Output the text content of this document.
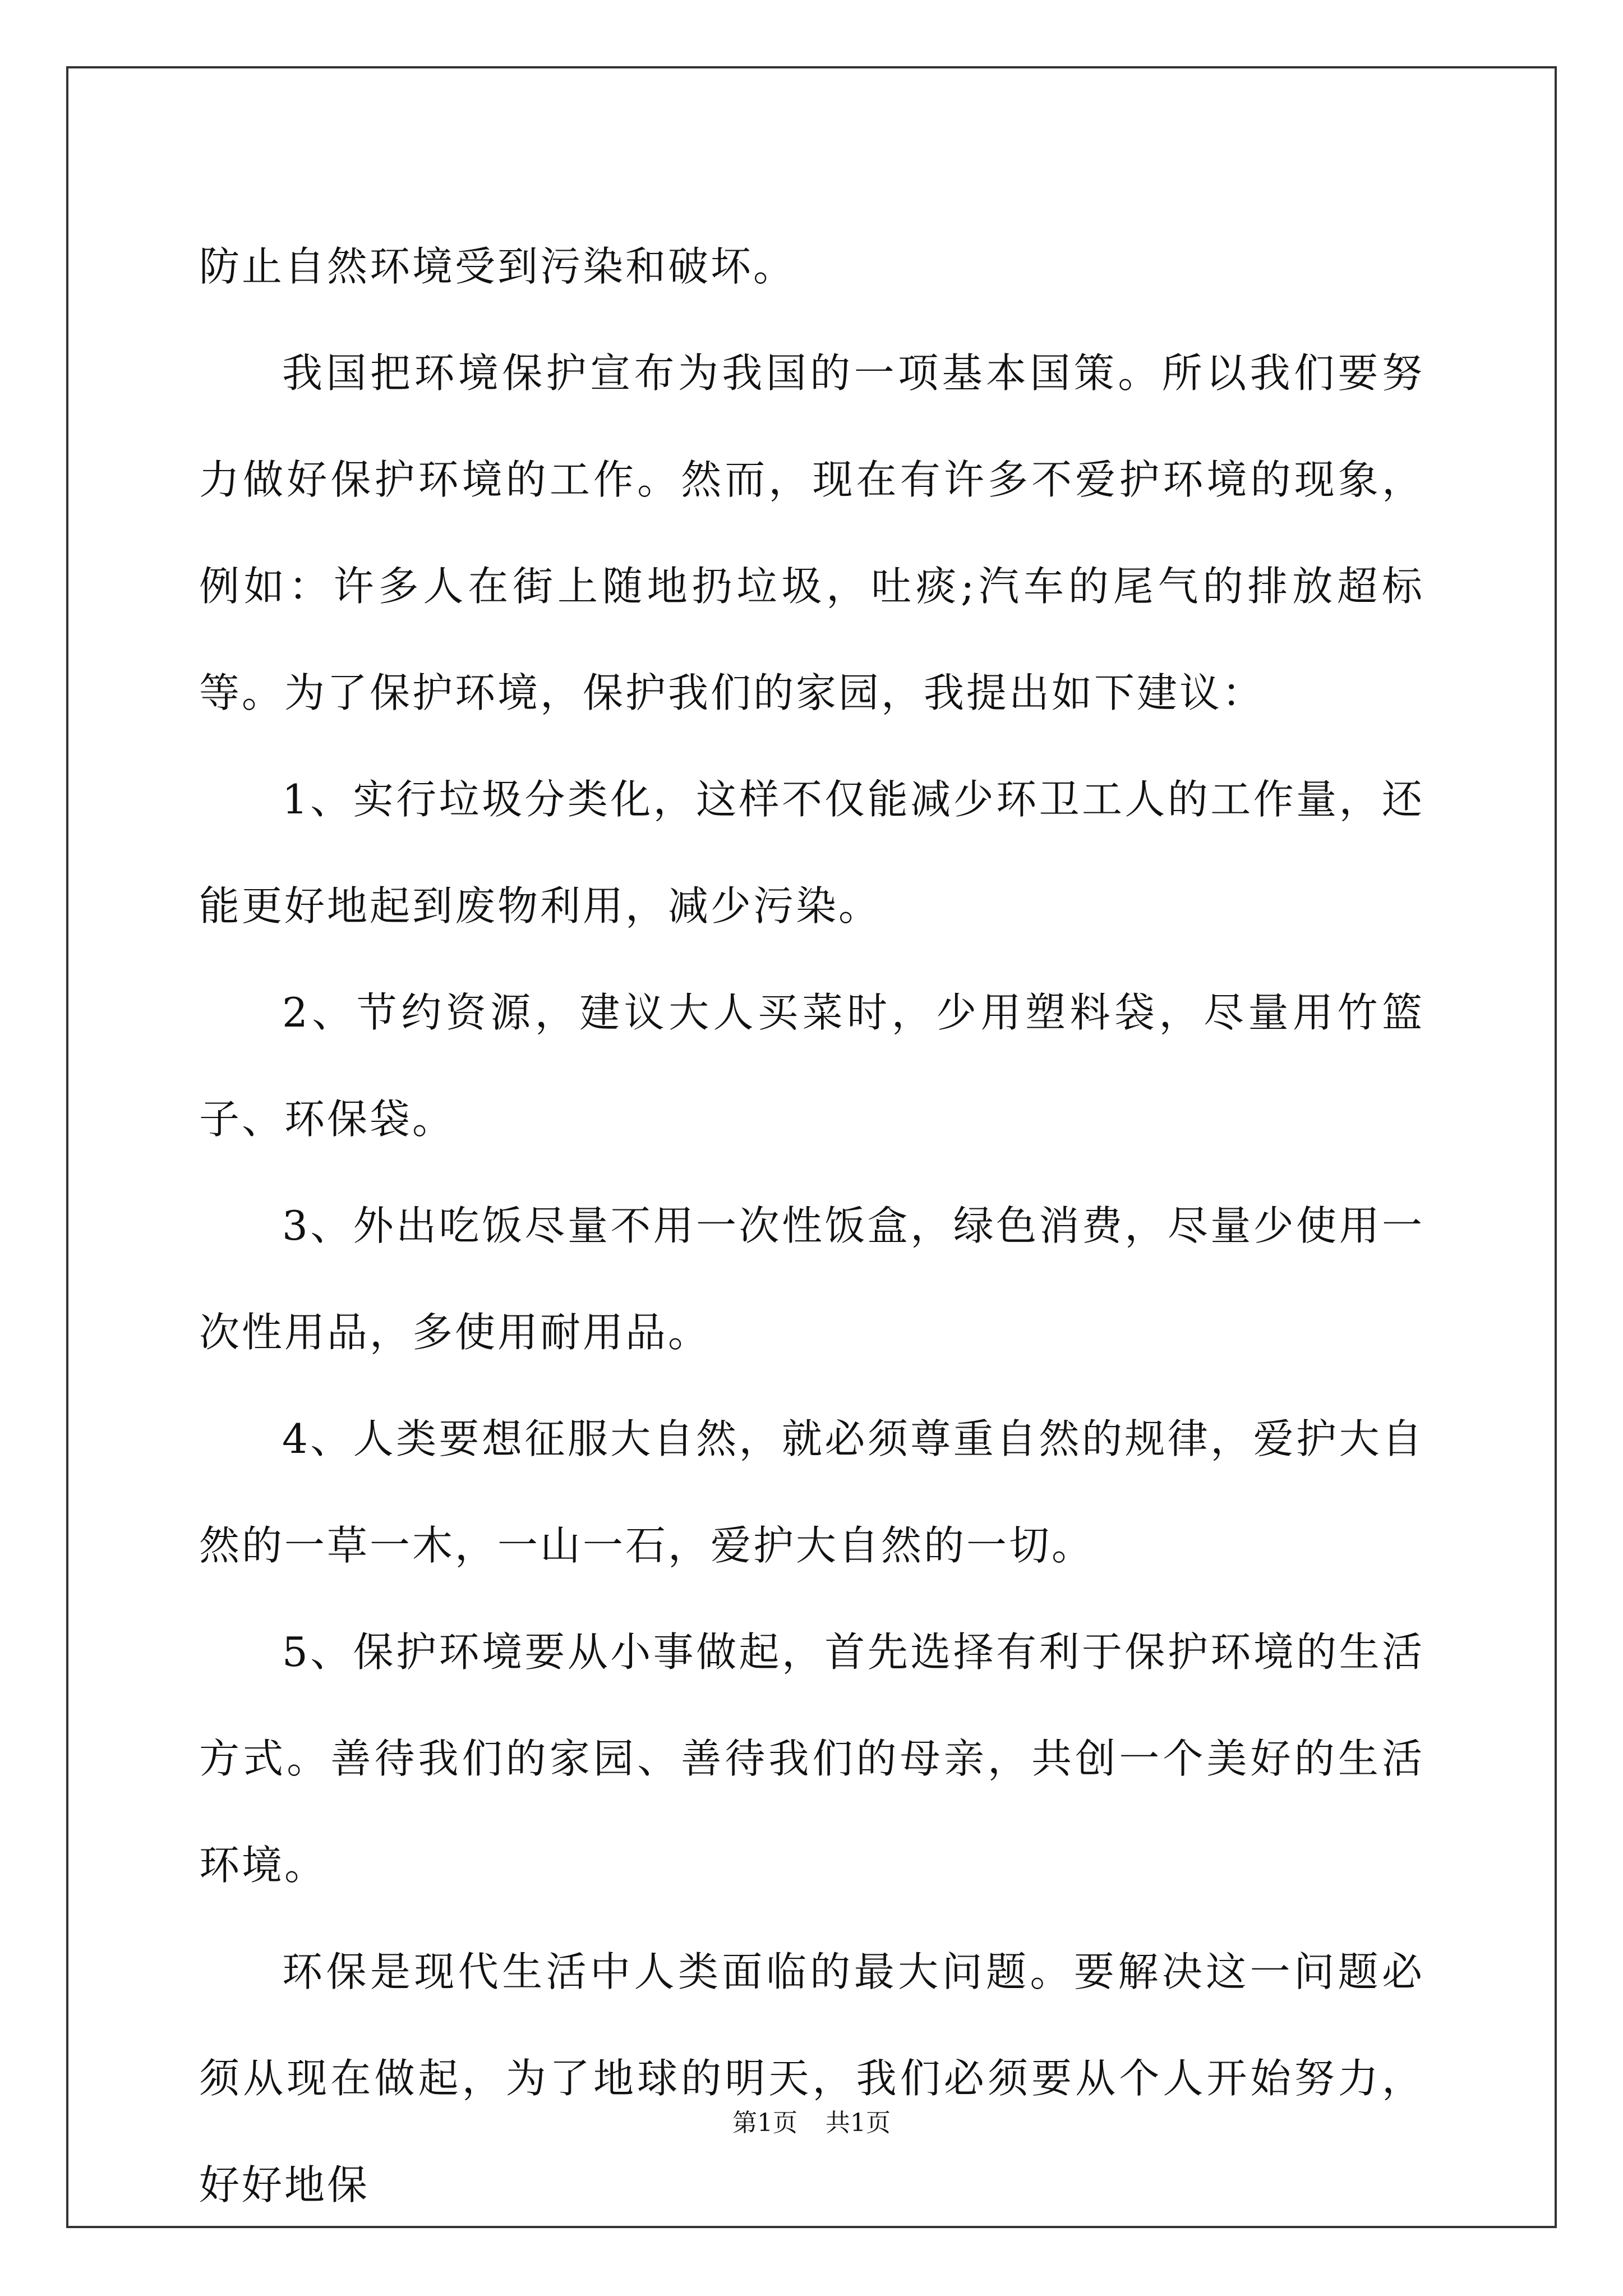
防止自然环境受到污染和破坏。

我国把环境保护宣布为我国的一项基本国策。所以我们要努力做好保护环境的工作。然而，现在有许多不爱护环境的现象，例如：许多人在街上随地扔垃圾，吐痰;汽车的尾气的排放超标等。为了保护环境，保护我们的家园，我提出如下建议：

1、实行垃圾分类化，这样不仅能减少环卫工人的工作量，还能更好地起到废物利用，减少污染。

2、节约资源，建议大人买菜时，少用塑料袋，尽量用竹篮子、环保袋。

3、外出吃饭尽量不用一次性饭盒，绿色消费，尽量少使用一次性用品，多使用耐用品。

4、人类要想征服大自然，就必须尊重自然的规律，爱护大自然的一草一木，一山一石，爱护大自然的一切。

5、保护环境要从小事做起，首先选择有利于保护环境的生活方式。善待我们的家园、善待我们的母亲，共创一个美好的生活环境。

环保是现代生活中人类面临的最大问题。要解决这一问题必须从现在做起，为了地球的明天，我们必须要从个人开始努力，好好地保

第1页 共1页
